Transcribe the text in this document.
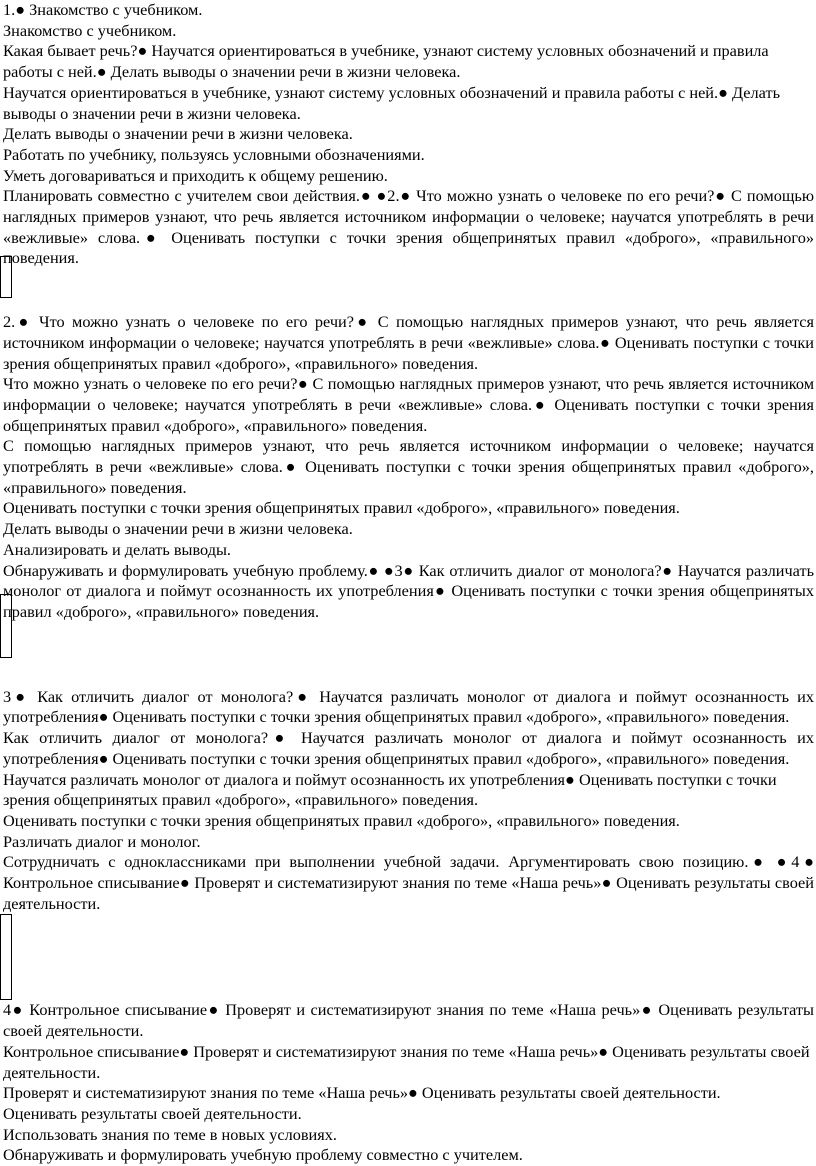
1.● Знакомство с учебником.

Знакомство с учебником.

Какая бывает речь?● Научатся ориентироваться в учебнике, узнают систему условных обозначений и правила работы с ней.● Делать выводы о значении речи в жизни человека.

Научатся ориентироваться в учебнике, узнают систему условных обозначений и правила работы с ней.● Делать выводы о значении речи в жизни человека.

Делать выводы о значении речи в жизни человека.

Работать по учебнику, пользуясь условными обозначениями.

Уметь договариваться и приходить к общему решению.

Планировать совместно с учителем свои действия.● ●2.● Что можно узнать о человеке по его речи?● С помощью наглядных примеров узнают, что речь является источником информации о человеке; научатся употреблять в речи «вежливые» слова.● Оценивать поступки с точки зрения общепринятых правил «доброго», «правильного» поведения.

2.● Что можно узнать о человеке по его речи?● С помощью наглядных примеров узнают, что речь является источником информации о человеке; научатся употреблять в речи «вежливые» слова.● Оценивать поступки с точки зрения общепринятых правил «доброго», «правильного» поведения.

Что можно узнать о человеке по его речи?● С помощью наглядных примеров узнают, что речь является источником информации о человеке; научатся употреблять в речи «вежливые» слова.● Оценивать поступки с точки зрения общепринятых правил «доброго», «правильного» поведения.

С помощью наглядных примеров узнают, что речь является источником информации о человеке; научатся употреблять в речи «вежливые» слова.● Оценивать поступки с точки зрения общепринятых правил «доброго», «правильного» поведения.

Оценивать поступки с точки зрения общепринятых правил «доброго», «правильного» поведения.

Делать выводы о значении речи в жизни человека.

Анализировать и делать выводы.

Обнаруживать и формулировать учебную проблему.● ●3● Как отличить диалог от монолога?● Научатся различать монолог от диалога и поймут осознанность их употребления● Оценивать поступки с точки зрения общепринятых правил «доброго», «правильного» поведения.

3● Как отличить диалог от монолога?● Научатся различать монолог от диалога и поймут осознанность их употребления● Оценивать поступки с точки зрения общепринятых правил «доброго», «правильного» поведения.

Как отличить диалог от монолога?● Научатся различать монолог от диалога и поймут осознанность их употребления● Оценивать поступки с точки зрения общепринятых правил «доброго», «правильного» поведения.

Научатся различать монолог от диалога и поймут осознанность их употребления● Оценивать поступки с точки зрения общепринятых правил «доброго», «правильного» поведения.

Оценивать поступки с точки зрения общепринятых правил «доброго», «правильного» поведения.

Различать диалог и монолог.

Сотрудничать с одноклассниками при выполнении учебной задачи. Аргументировать свою позицию.● ●4● Контрольное списывание● Проверят и систематизируют знания по теме «Наша речь»● Оценивать результаты своей деятельности.

4● Контрольное списывание● Проверят и систематизируют знания по теме «Наша речь»● Оценивать результаты своей деятельности.

Контрольное списывание● Проверят и систематизируют знания по теме «Наша речь»● Оценивать результаты своей деятельности.

Проверят и систематизируют знания по теме «Наша речь»● Оценивать результаты своей деятельности.

Оценивать результаты своей деятельности.

Использовать знания по теме в новых условиях.

Обнаруживать и формулировать учебную проблему совместно с учителем.
